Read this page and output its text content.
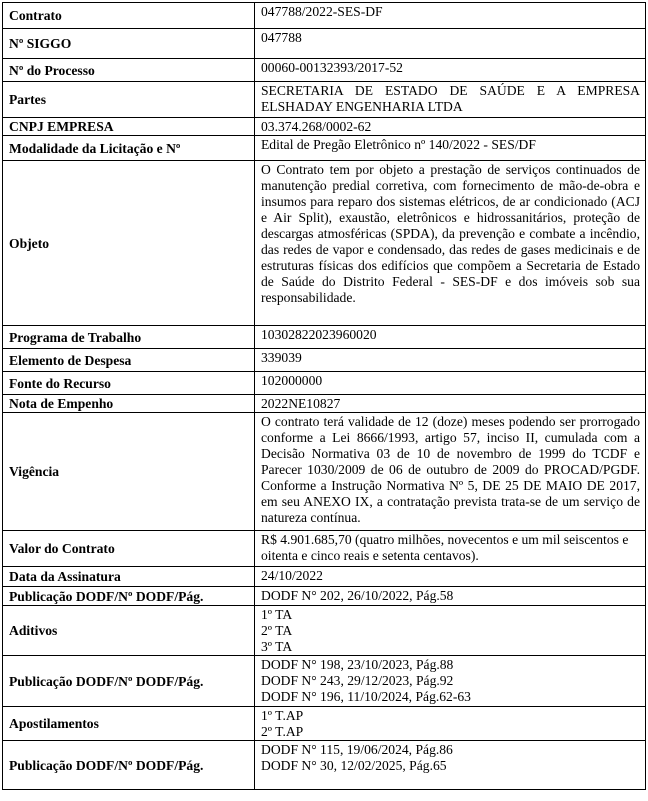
Contrato	047788/2022-SES-DF
Nº SIGGO	047788
Nº do Processo	00060-00132393/2017-52
Partes	SECRETARIA DE ESTADO DE SAÚDE E A EMPRESA ELSHADAY ENGENHARIA LTDA
CNPJ EMPRESA	03.374.268/0002-62
Modalidade da Licitação e Nº	Edital de Pregão Eletrônico nº 140/2022 - SES/DF
Objeto	O Contrato tem por objeto a prestação de serviços continuados de manutenção predial corretiva, com fornecimento de mão-de-obra e insumos para reparo dos sistemas elétricos, de ar condicionado (ACJ e Air Split), exaustão, eletrônicos e hidrossanitários, proteção de descargas atmosféricas (SPDA), da prevenção e combate a incêndio, das redes de vapor e condensado, das redes de gases medicinais e de estruturas físicas dos edifícios que compõem a Secretaria de Estado de Saúde do Distrito Federal - SES-DF e dos imóveis sob sua responsabilidade.
Programa de Trabalho	10302822023960020
Elemento de Despesa	339039
Fonte do Recurso	102000000
Nota de Empenho	2022NE10827
Vigência	O contrato terá validade de 12 (doze) meses podendo ser prorrogado conforme a Lei 8666/1993, artigo 57, inciso II, cumulada com a Decisão Normativa 03 de 10 de novembro de 1999 do TCDF e Parecer 1030/2009 de 06 de outubro de 2009 do PROCAD/PGDF. Conforme a Instrução Normativa Nº 5, DE 25 DE MAIO DE 2017, em seu ANEXO IX, a contratação prevista trata-se de um serviço de natureza contínua.
Valor do Contrato	R$ 4.901.685,70 (quatro milhões, novecentos e um mil seiscentos e oitenta e cinco reais e setenta centavos).
Data da Assinatura	24/10/2022
Publicação DODF/Nº DODF/Pág.	DODF N° 202, 26/10/2022, Pág.58
Aditivos	1º TA
2º TA
3º TA

Publicação DODF/Nº DODF/Pág.	DODF N° 198, 23/10/2023, Pág.88
DODF N° 243, 29/12/2023, Pág.92
DODF N° 196, 11/10/2024, Pág.62-63

Apostilamentos	1º T.AP
2º T.AP

Publicação DODF/Nº DODF/Pág.	DODF N° 115, 19/06/2024, Pág.86
DODF N° 30, 12/02/2025, Pág.65
